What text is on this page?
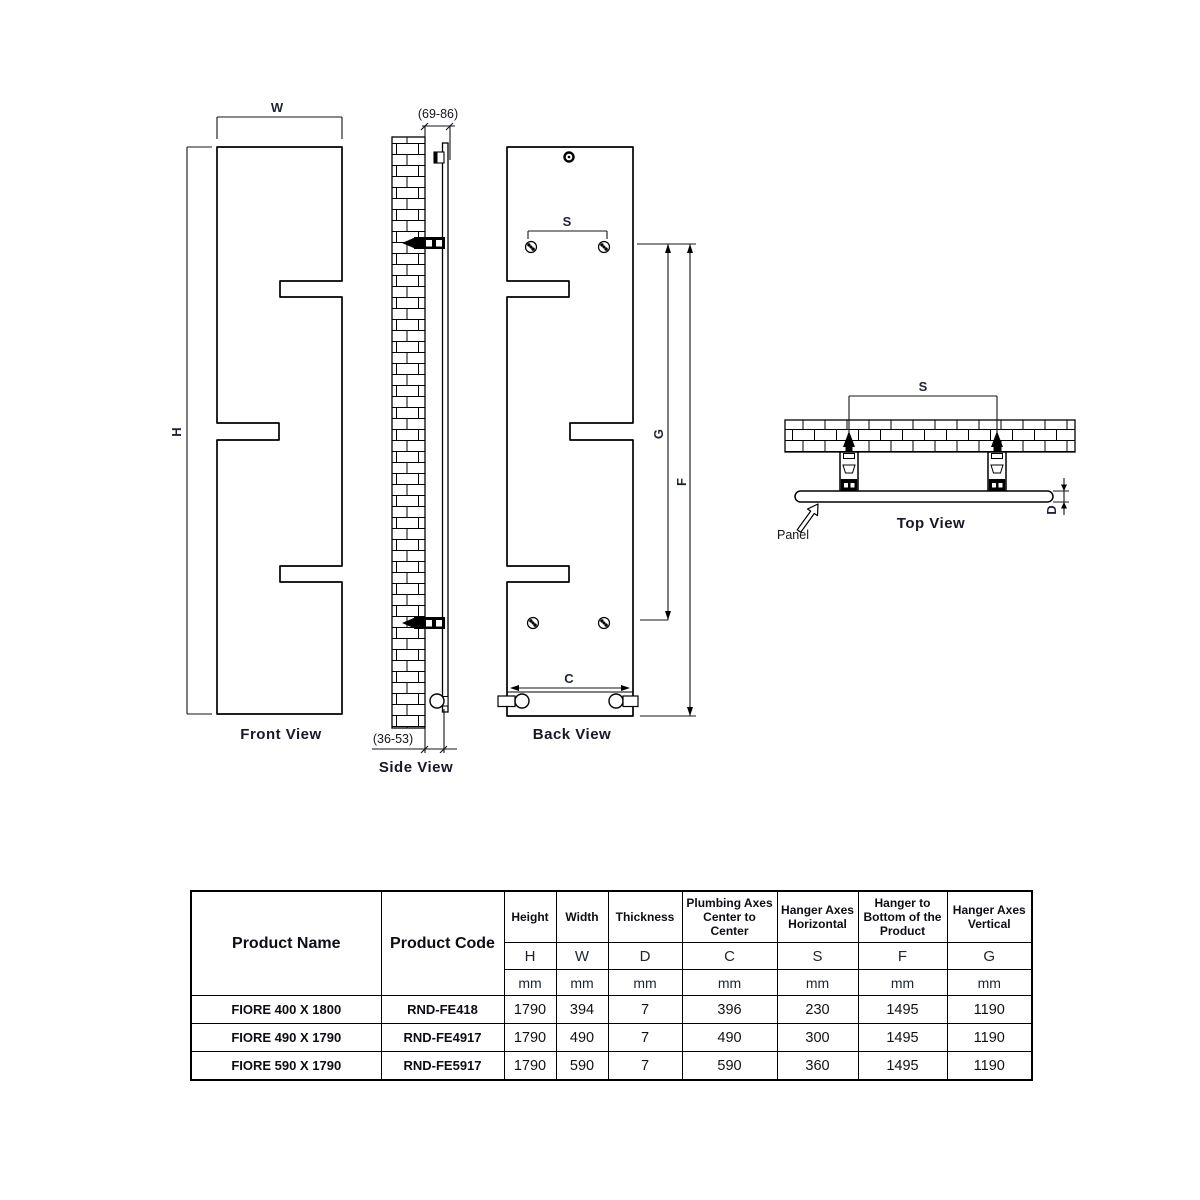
W
H
Front View
(69-86)
(36-53)
Side View
S
C
G
F
Back View
S
D
Panel
Top View
Product Name	Product Code	Height	Width	Thickness	Plumbing Axes Center to Center	Hanger Axes Horizontal	Hanger to Bottom of the Product	Hanger Axes Vertical
		H	W	D	C	S	F	G
		mm	mm	mm	mm	mm	mm	mm
FIORE 400 X 1800	RND-FE418	1790	394	7	396	230	1495	1190
FIORE 490 X 1790	RND-FE4917	1790	490	7	490	300	1495	1190
FIORE 590 X 1790	RND-FE5917	1790	590	7	590	360	1495	1190
